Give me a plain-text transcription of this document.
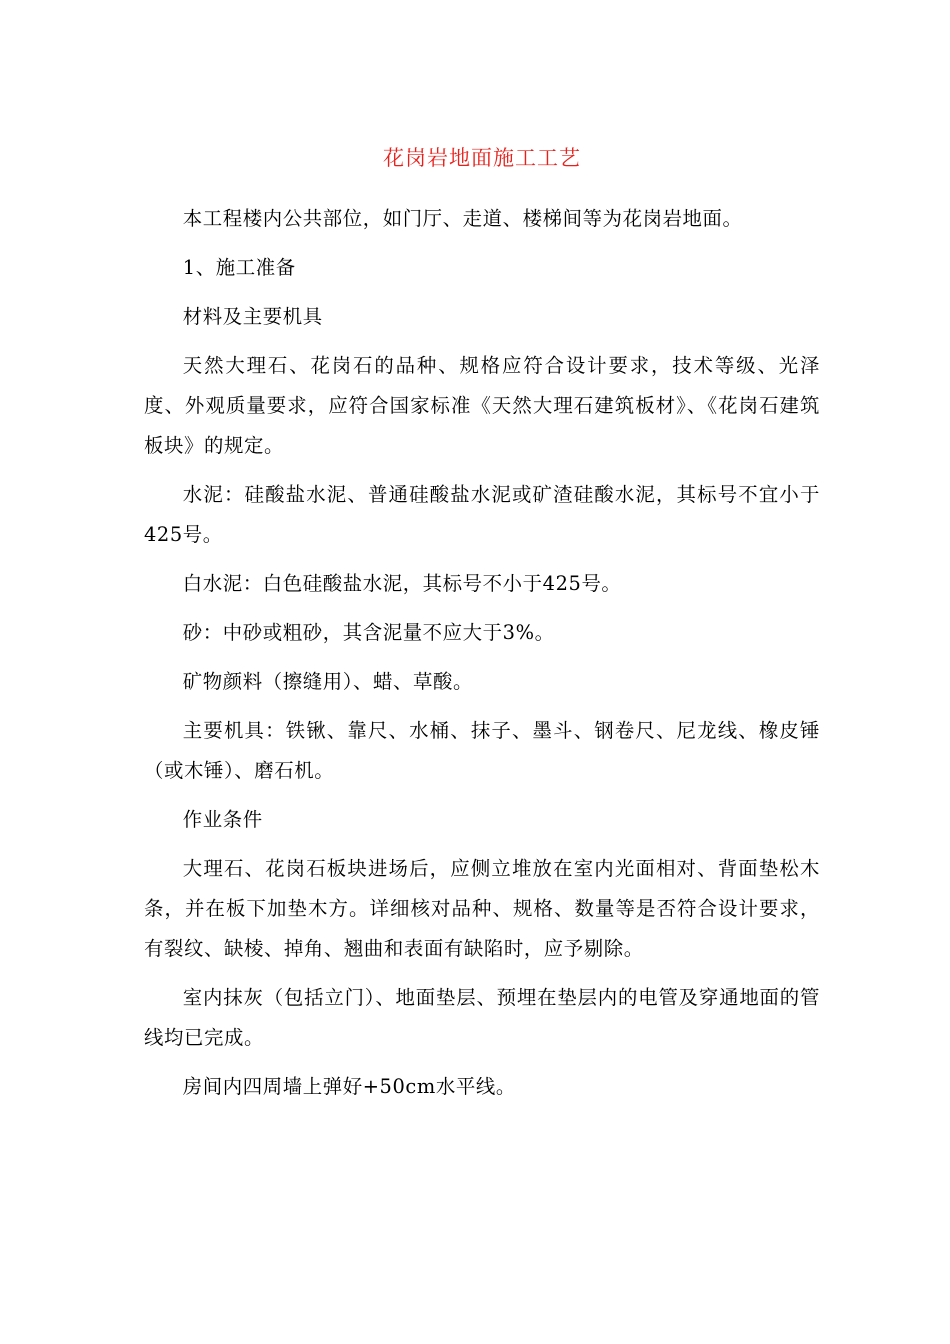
花岗岩地面施工工艺

本工程楼内公共部位，如门厅、走道、楼梯间等为花岗岩地面。

1、施工准备

材料及主要机具

天然大理石、花岗石的品种、规格应符合设计要求，技术等级、光泽度、外观质量要求，应符合国家标准《天然大理石建筑板材》、《花岗石建筑板块》的规定。

水泥：硅酸盐水泥、普通硅酸盐水泥或矿渣硅酸水泥，其标号不宜小于425号。

白水泥：白色硅酸盐水泥，其标号不小于425号。

砂：中砂或粗砂，其含泥量不应大于3%。

矿物颜料（擦缝用）、蜡、草酸。

主要机具：铁锹、靠尺、水桶、抹子、墨斗、钢卷尺、尼龙线、橡皮锤（或木锤）、磨石机。

作业条件

大理石、花岗石板块进场后，应侧立堆放在室内光面相对、背面垫松木条，并在板下加垫木方。详细核对品种、规格、数量等是否符合设计要求，有裂纹、缺棱、掉角、翘曲和表面有缺陷时，应予剔除。

室内抹灰（包括立门）、地面垫层、预埋在垫层内的电管及穿通地面的管线均已完成。

房间内四周墙上弹好+50cm水平线。
